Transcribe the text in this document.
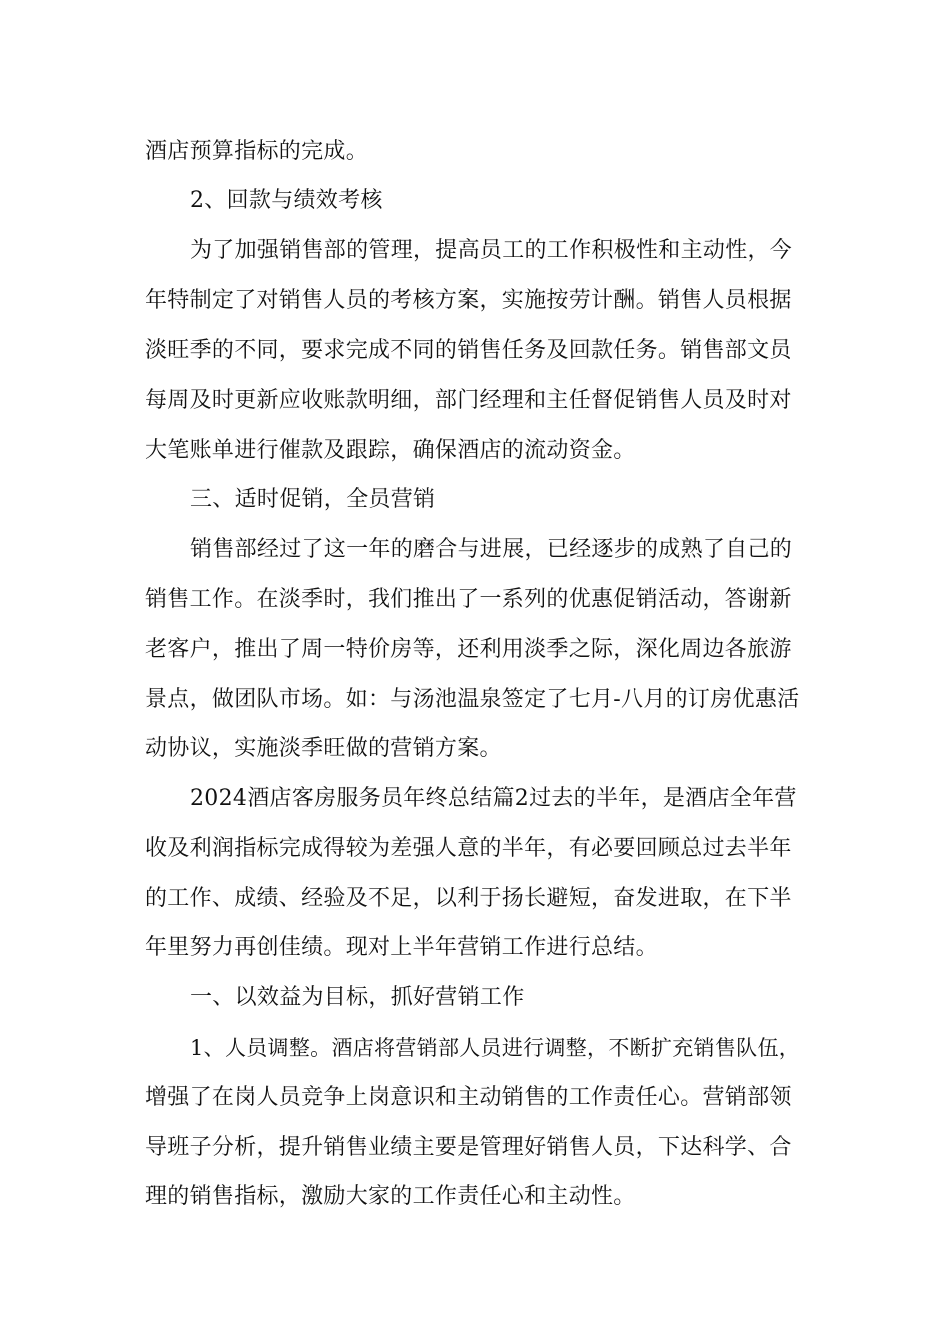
酒店预算指标的完成。
2、回款与绩效考核
为了加强销售部的管理，提高员工的工作积极性和主动性，今
年特制定了对销售人员的考核方案，实施按劳计酬。销售人员根据
淡旺季的不同，要求完成不同的销售任务及回款任务。销售部文员
每周及时更新应收账款明细，部门经理和主任督促销售人员及时对
大笔账单进行催款及跟踪，确保酒店的流动资金。
三、适时促销，全员营销
销售部经过了这一年的磨合与进展，已经逐步的成熟了自己的
销售工作。在淡季时，我们推出了一系列的优惠促销活动，答谢新
老客户，推出了周一特价房等，还利用淡季之际，深化周边各旅游
景点，做团队市场。如：与汤池温泉签定了七月-八月的订房优惠活
动协议，实施淡季旺做的营销方案。
2024酒店客房服务员年终总结篇2过去的半年，是酒店全年营
收及利润指标完成得较为差强人意的半年，有必要回顾总过去半年
的工作、成绩、经验及不足，以利于扬长避短，奋发进取，在下半
年里努力再创佳绩。现对上半年营销工作进行总结。
一、以效益为目标，抓好营销工作
1、人员调整。酒店将营销部人员进行调整，不断扩充销售队伍，
增强了在岗人员竞争上岗意识和主动销售的工作责任心。营销部领
导班子分析，提升销售业绩主要是管理好销售人员，下达科学、合
理的销售指标，激励大家的工作责任心和主动性。
